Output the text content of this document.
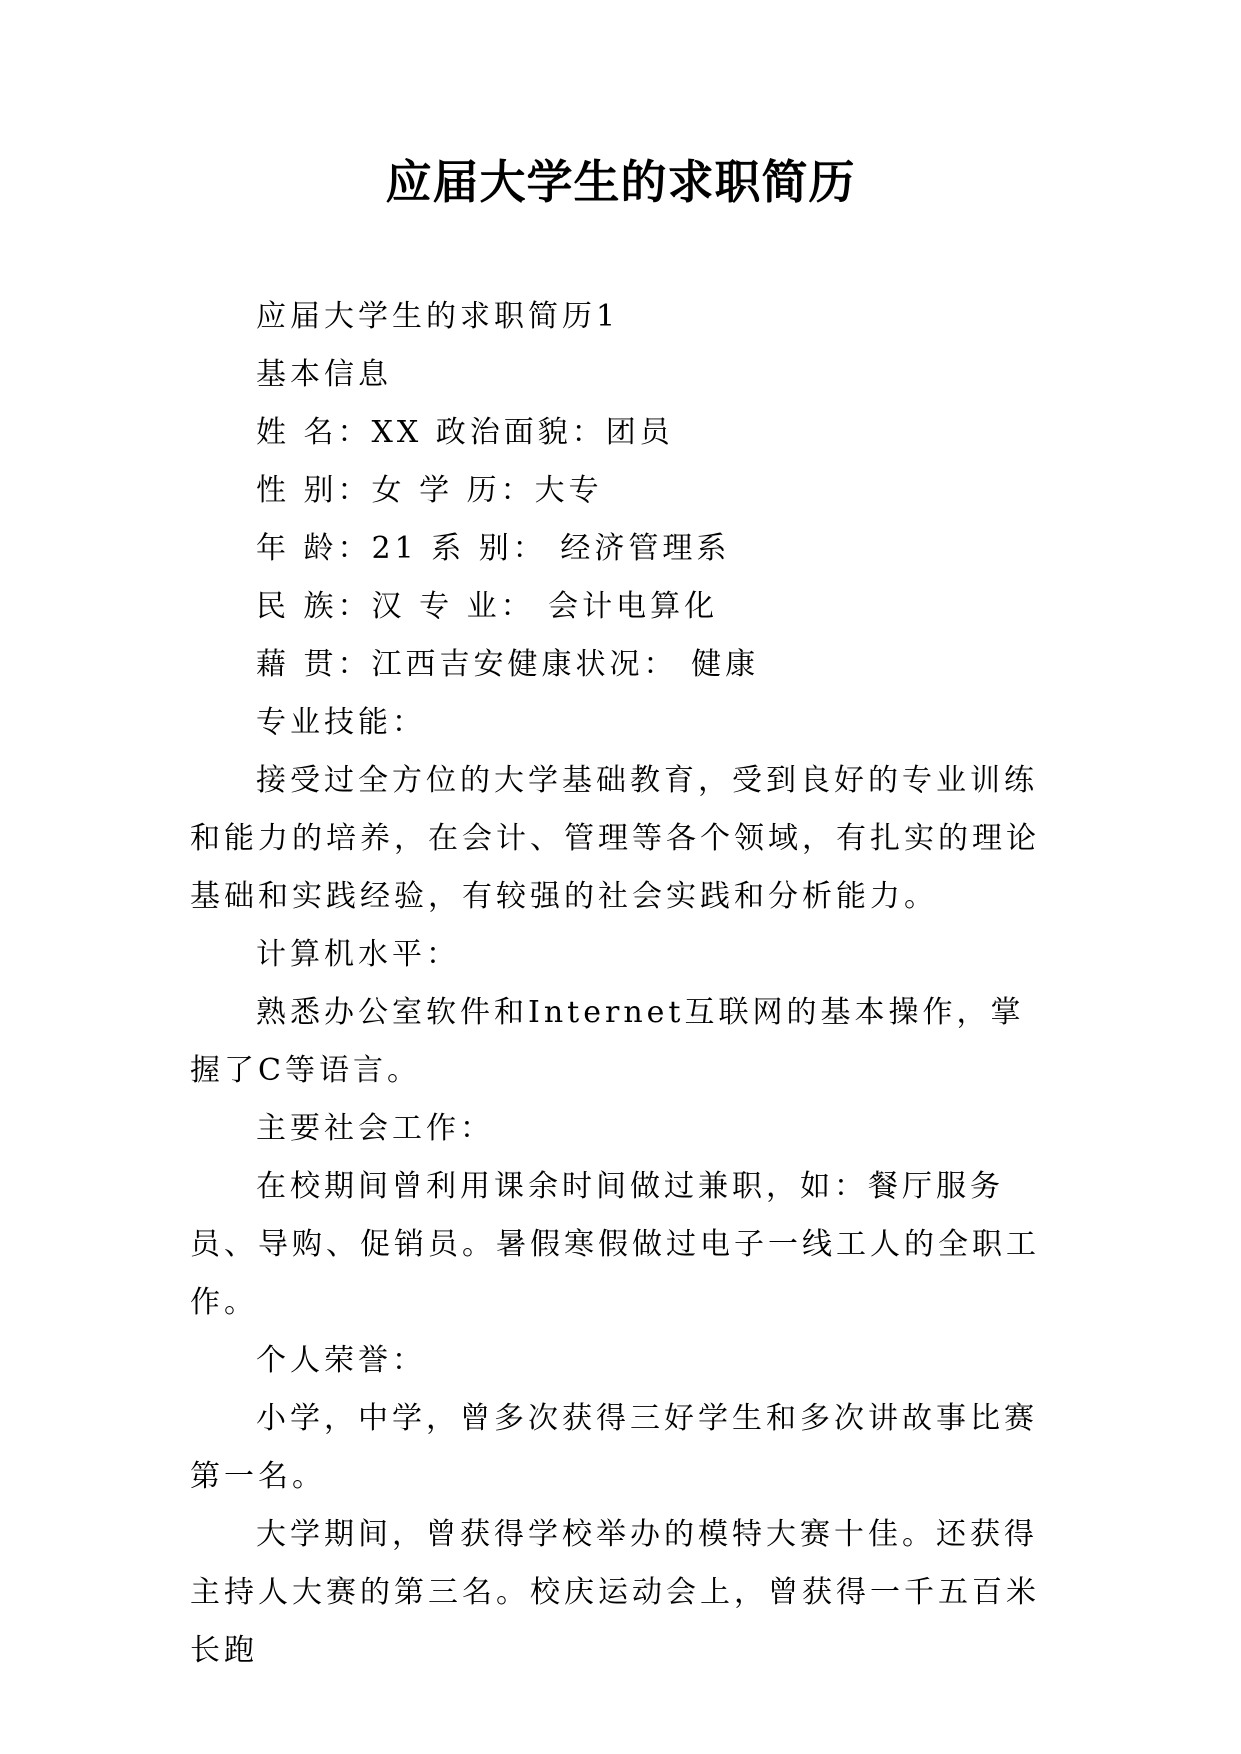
应届大学生的求职简历

应届大学生的求职简历1

基本信息

姓 名：XX 政治面貌：团员

性 别：女 学 历：大专

年 龄：21 系 别： 经济管理系

民 族：汉 专 业： 会计电算化

藉 贯：江西吉安健康状况： 健康

专业技能：

接受过全方位的大学基础教育，受到良好的专业训练和能力的培养，在会计、管理等各个领域，有扎实的理论基础和实践经验，有较强的社会实践和分析能力。

计算机水平：

熟悉办公室软件和Internet互联网的基本操作，掌握了C等语言。

主要社会工作：

在校期间曾利用课余时间做过兼职，如：餐厅服务员、导购、促销员。暑假寒假做过电子一线工人的全职工作。

个人荣誉：

小学，中学，曾多次获得三好学生和多次讲故事比赛第一名。

大学期间，曾获得学校举办的模特大赛十佳。还获得主持人大赛的第三名。校庆运动会上，曾获得一千五百米长跑
